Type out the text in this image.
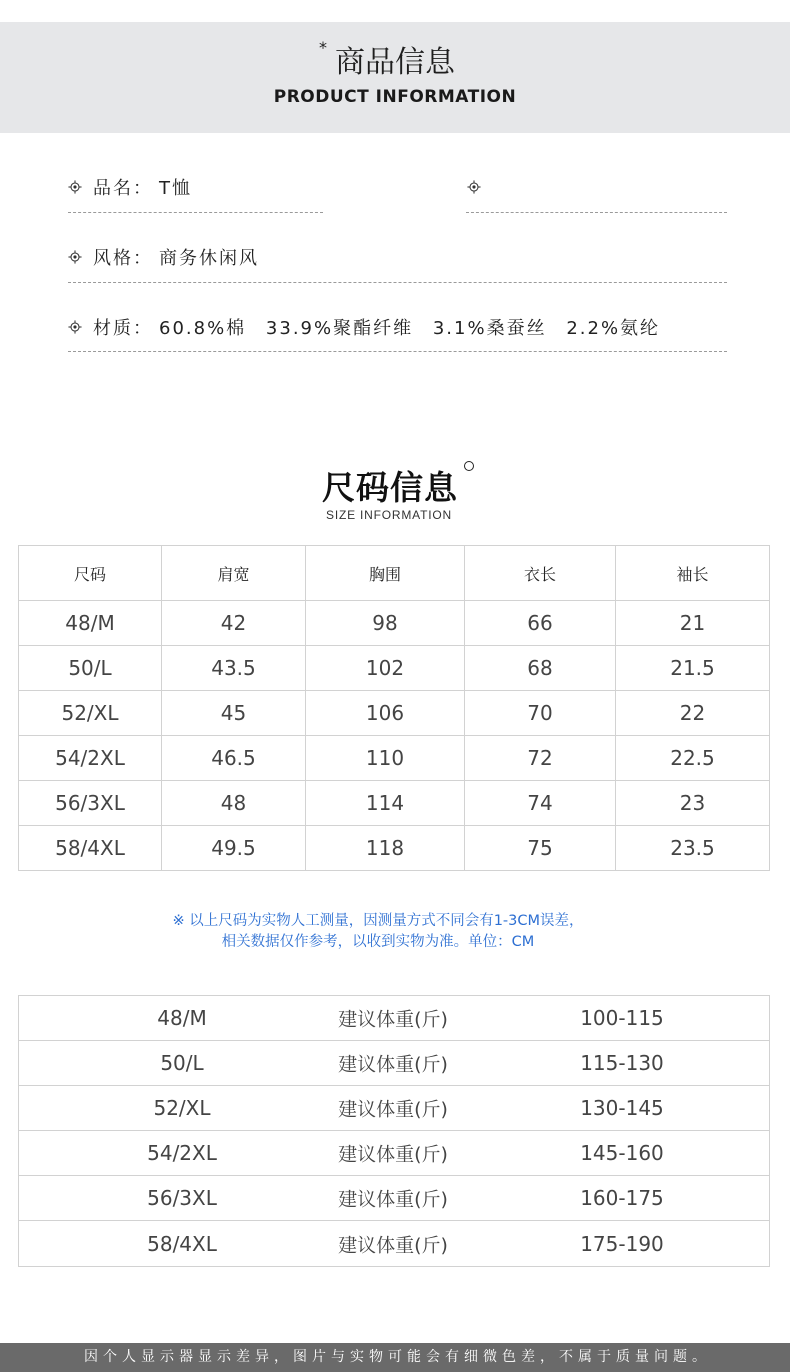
* 商品信息
PRODUCT INFORMATION
品名： T恤
风格： 商务休闲风
材质： 60.8%棉 33.9%聚酯纤维 3.1%桑蚕丝 2.2%氨纶
尺码信息
SIZE INFORMATION
尺码	肩宽	胸围	衣长	袖长
48/M	42	98	66	21
50/L	43.5	102	68	21.5
52/XL	45	106	70	22
54/2XL	46.5	110	72	22.5
56/3XL	48	114	74	23
58/4XL	49.5	118	75	23.5
※ 以上尺码为实物人工测量，因测量方式不同会有1-3CM误差，
相关数据仅作参考，以收到实物为准。单位：CM
48/M	建议体重(斤)	100-115
50/L	建议体重(斤)	115-130
52/XL	建议体重(斤)	130-145
54/2XL	建议体重(斤)	145-160
56/3XL	建议体重(斤)	160-175
58/4XL	建议体重(斤)	175-190
因个人显示器显示差异，图片与实物可能会有细微色差，不属于质量问题。
